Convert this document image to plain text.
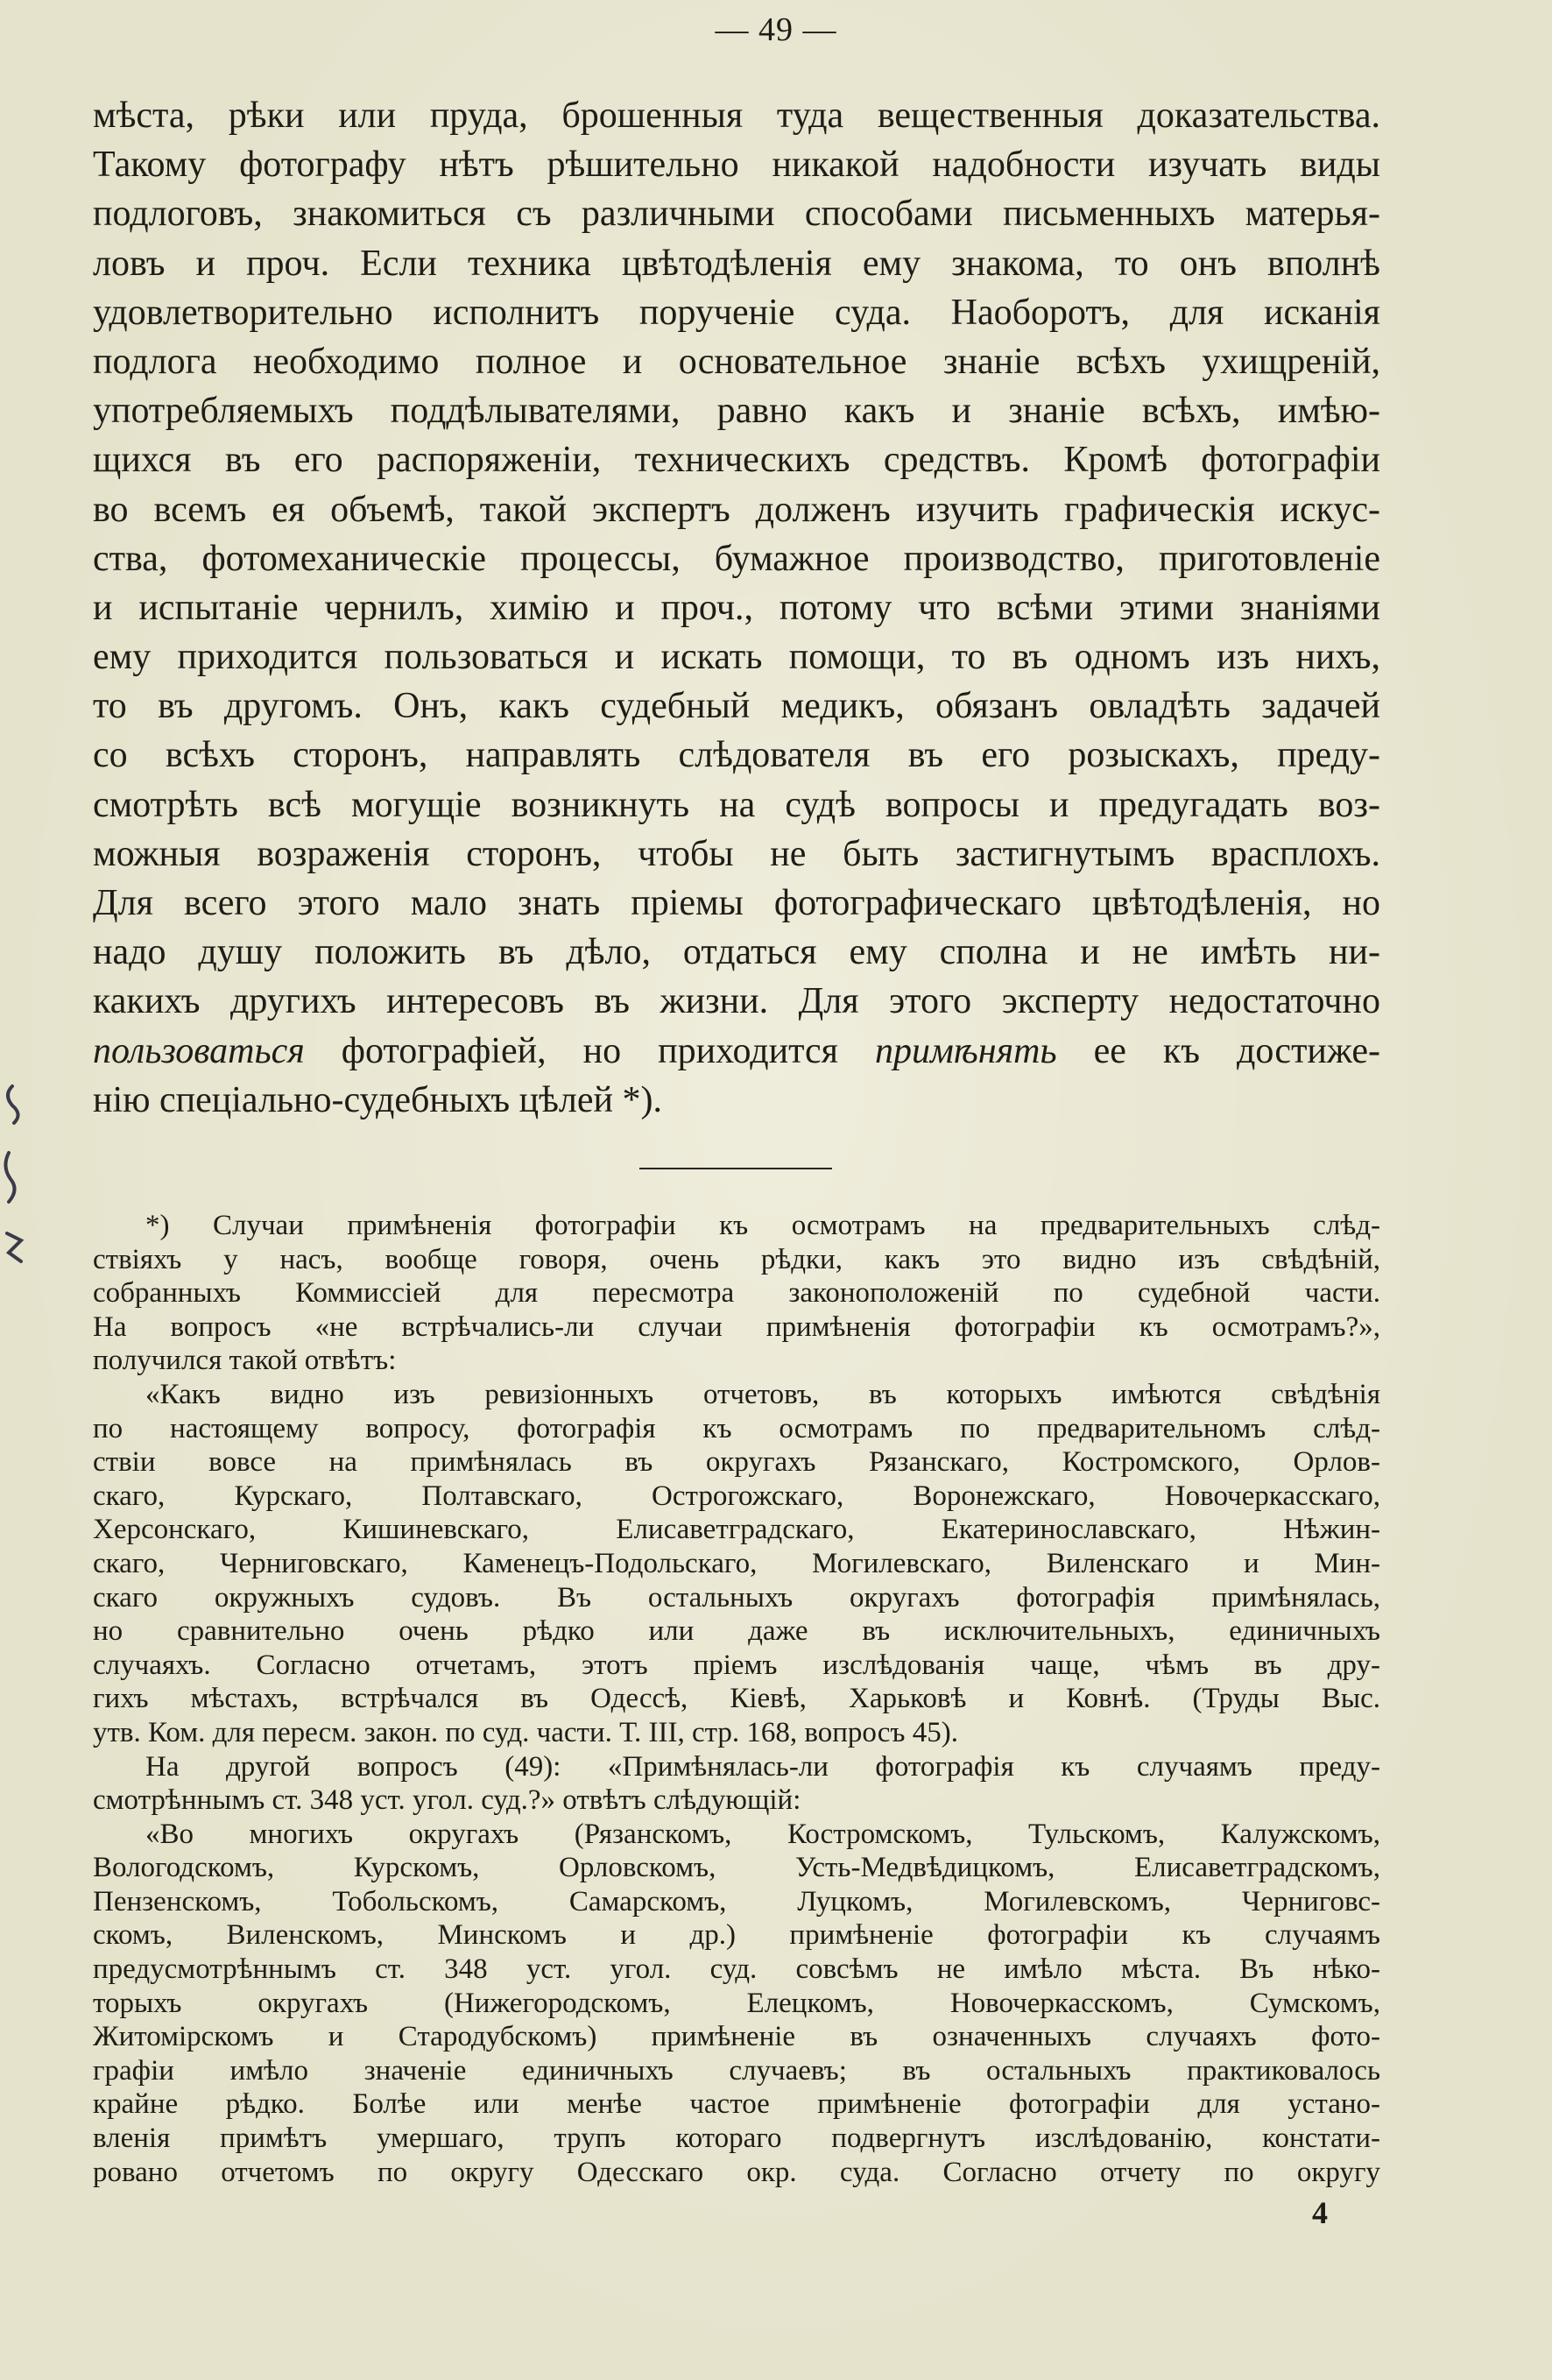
— 49 —
мѣста, рѣки или пруда, брошенныя туда вещественныя доказательства.
Такому фотографу нѣтъ рѣшительно никакой надобности изучать виды
подлоговъ, знакомиться съ различными способами письменныхъ матерья-
ловъ и проч. Если техника цвѣтодѣленія ему знакома, то онъ вполнѣ
удовлетворительно исполнитъ порученіе суда. Наоборотъ, для исканія
подлога необходимо полное и основательное знаніе всѣхъ ухищреній,
употребляемыхъ поддѣлывателями, равно какъ и знаніе всѣхъ, имѣю-
щихся въ его распоряженіи, техническихъ средствъ. Кромѣ фотографіи
во всемъ ея объемѣ, такой экспертъ долженъ изучить графическія искус-
ства, фотомеханическіе процессы, бумажное производство, приготовленіе
и испытаніе чернилъ, химію и проч., потому что всѣми этими знаніями
ему приходится пользоваться и искать помощи, то въ одномъ изъ нихъ,
то въ другомъ. Онъ, какъ судебный медикъ, обязанъ овладѣть задачей
со всѣхъ сторонъ, направлять слѣдователя въ его розыскахъ, преду-
смотрѣть всѣ могущіе возникнуть на судѣ вопросы и предугадать воз-
можныя возраженія сторонъ, чтобы не быть застигнутымъ врасплохъ.
Для всего этого мало знать пріемы фотографическаго цвѣтодѣленія, но
надо душу положить въ дѣло, отдаться ему сполна и не имѣть ни-
какихъ другихъ интересовъ въ жизни. Для этого эксперту недостаточно
пользоваться фотографіей, но приходится примѣнять ее къ достиже-
нію спеціально-судебныхъ цѣлей *).
*) Случаи примѣненія фотографіи къ осмотрамъ на предварительныхъ слѣд-
ствіяхъ у насъ, вообще говоря, очень рѣдки, какъ это видно изъ свѣдѣній,
собранныхъ Коммиссіей для пересмотра законоположеній по судебной части.
На вопросъ «не встрѣчались-ли случаи примѣненія фотографіи къ осмотрамъ?»,
получился такой отвѣтъ:
«Какъ видно изъ ревизіонныхъ отчетовъ, въ которыхъ имѣются свѣдѣнія
по настоящему вопросу, фотографія къ осмотрамъ по предварительномъ слѣд-
ствіи вовсе на примѣнялась въ округахъ Рязанскаго, Костромского, Орлов-
скаго, Курскаго, Полтавскаго, Острогожскаго, Воронежскаго, Новочеркасскаго,
Херсонскаго, Кишиневскаго, Елисаветградскаго, Екатеринославскаго, Нѣжин-
скаго, Черниговскаго, Каменецъ-Подольскаго, Могилевскаго, Виленскаго и Мин-
скаго окружныхъ судовъ. Въ остальныхъ округахъ фотографія примѣнялась,
но сравнительно очень рѣдко или даже въ исключительныхъ, единичныхъ
случаяхъ. Согласно отчетамъ, этотъ пріемъ изслѣдованія чаще, чѣмъ въ дру-
гихъ мѣстахъ, встрѣчался въ Одессѣ, Кіевѣ, Харьковѣ и Ковнѣ. (Труды Выс.
утв. Ком. для пересм. закон. по суд. части. Т. III, стр. 168, вопросъ 45).
На другой вопросъ (49): «Примѣнялась-ли фотографія къ случаямъ преду-
смотрѣннымъ ст. 348 уст. угол. суд.?» отвѣтъ слѣдующій:
«Во многихъ округахъ (Рязанскомъ, Костромскомъ, Тульскомъ, Калужскомъ,
Вологодскомъ, Курскомъ, Орловскомъ, Усть-Медвѣдицкомъ, Елисаветградскомъ,
Пензенскомъ, Тобольскомъ, Самарскомъ, Луцкомъ, Могилевскомъ, Черниговс-
скомъ, Виленскомъ, Минскомъ и др.) примѣненіе фотографіи къ случаямъ
предусмотрѣннымъ ст. 348 уст. угол. суд. совсѣмъ не имѣло мѣста. Въ нѣко-
торыхъ округахъ (Нижегородскомъ, Елецкомъ, Новочеркасскомъ, Сумскомъ,
Житомірскомъ и Стародубскомъ) примѣненіе въ означенныхъ случаяхъ фото-
графіи имѣло значеніе единичныхъ случаевъ; въ остальныхъ практиковалось
крайне рѣдко. Болѣе или менѣе частое примѣненіе фотографіи для устано-
вленія примѣтъ умершаго, трупъ котораго подвергнутъ изслѣдованію, констати-
ровано отчетомъ по округу Одесскаго окр. суда. Согласно отчету по округу
4
